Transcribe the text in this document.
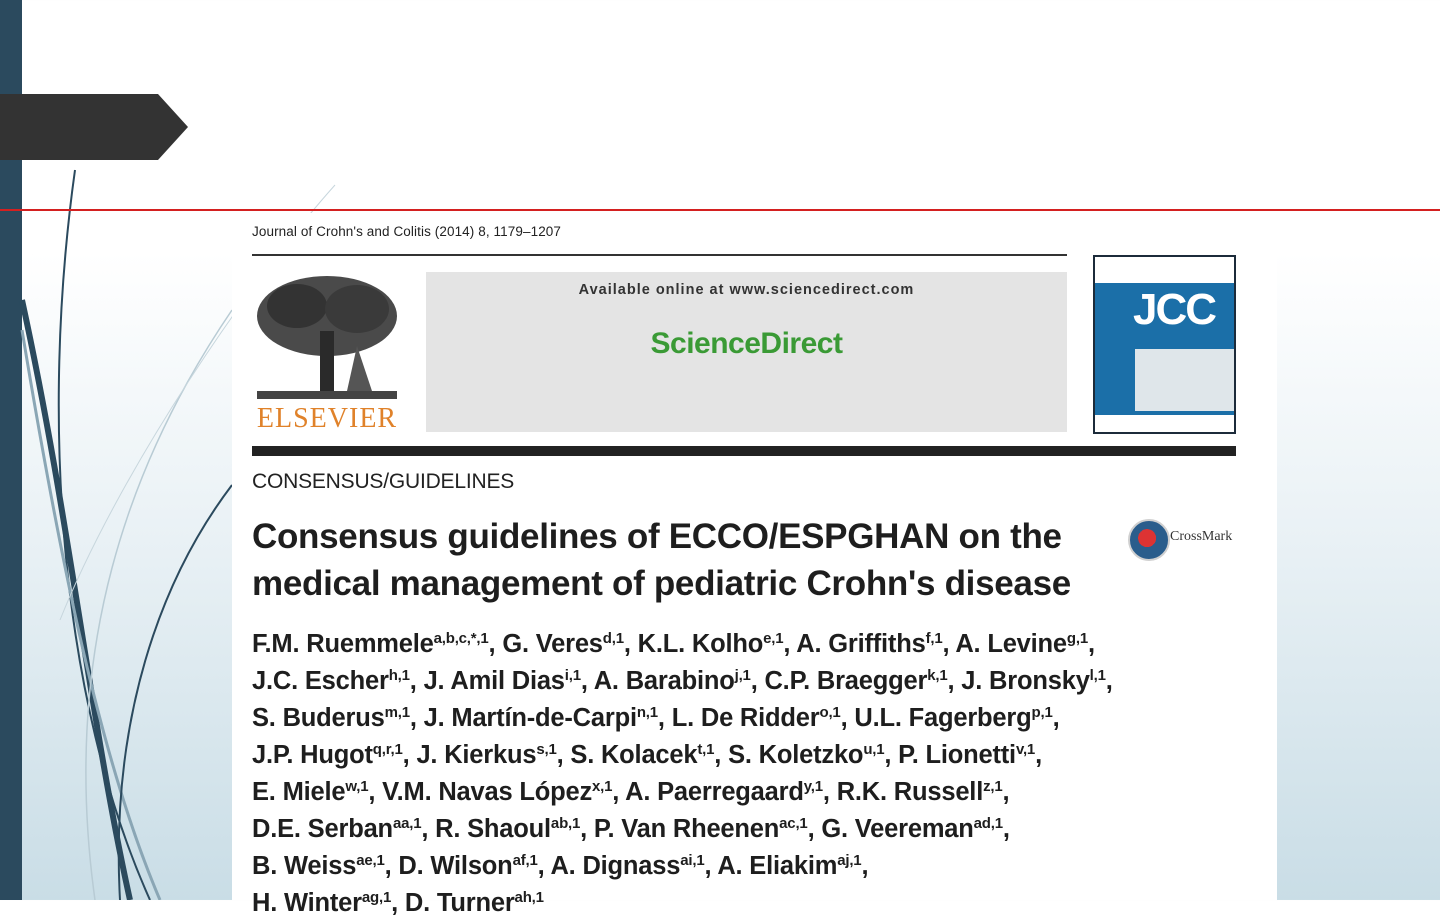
Journal of Crohn's and Colitis (2014) 8, 1179–1207
ELSEVIER
Available online at www.sciencedirect.com
ScienceDirect
JCC
CONSENSUS/GUIDELINES
Consensus guidelines of ECCO/ESPGHAN on the
medical management of pediatric Crohn's disease
CrossMark
F.M. Ruemmele$^{a,b,c,*,1}$, G. Veres$^{d,1}$, K.L. Kolho$^{e,1}$, A. Griffiths$^{f,1}$, A. Levine$^{g,1}$,
J.C. Escher$^{h,1}$, J. Amil Dias$^{i,1}$, A. Barabino$^{j,1}$, C.P. Braegger$^{k,1}$, J. Bronsky$^{l,1}$,
S. Buderus$^{m,1}$, J. Martín-de-Carpi$^{n,1}$, L. De Ridder$^{o,1}$, U.L. Fagerberg$^{p,1}$,
J.P. Hugot$^{q,r,1}$, J. Kierkus$^{s,1}$, S. Kolacek$^{t,1}$, S. Koletzko$^{u,1}$, P. Lionetti$^{v,1}$,
E. Miele$^{w,1}$, V.M. Navas López$^{x,1}$, A. Paerregaard$^{y,1}$, R.K. Russell$^{z,1}$,
D.E. Serban$^{aa,1}$, R. Shaoul$^{ab,1}$, P. Van Rheenen$^{ac,1}$, G. Veereman$^{ad,1}$,
B. Weiss$^{ae,1}$, D. Wilson$^{af,1}$, A. Dignass$^{ai,1}$, A. Eliakim$^{aj,1}$,
H. Winter$^{ag,1}$, D. Turner$^{ah,1}$
